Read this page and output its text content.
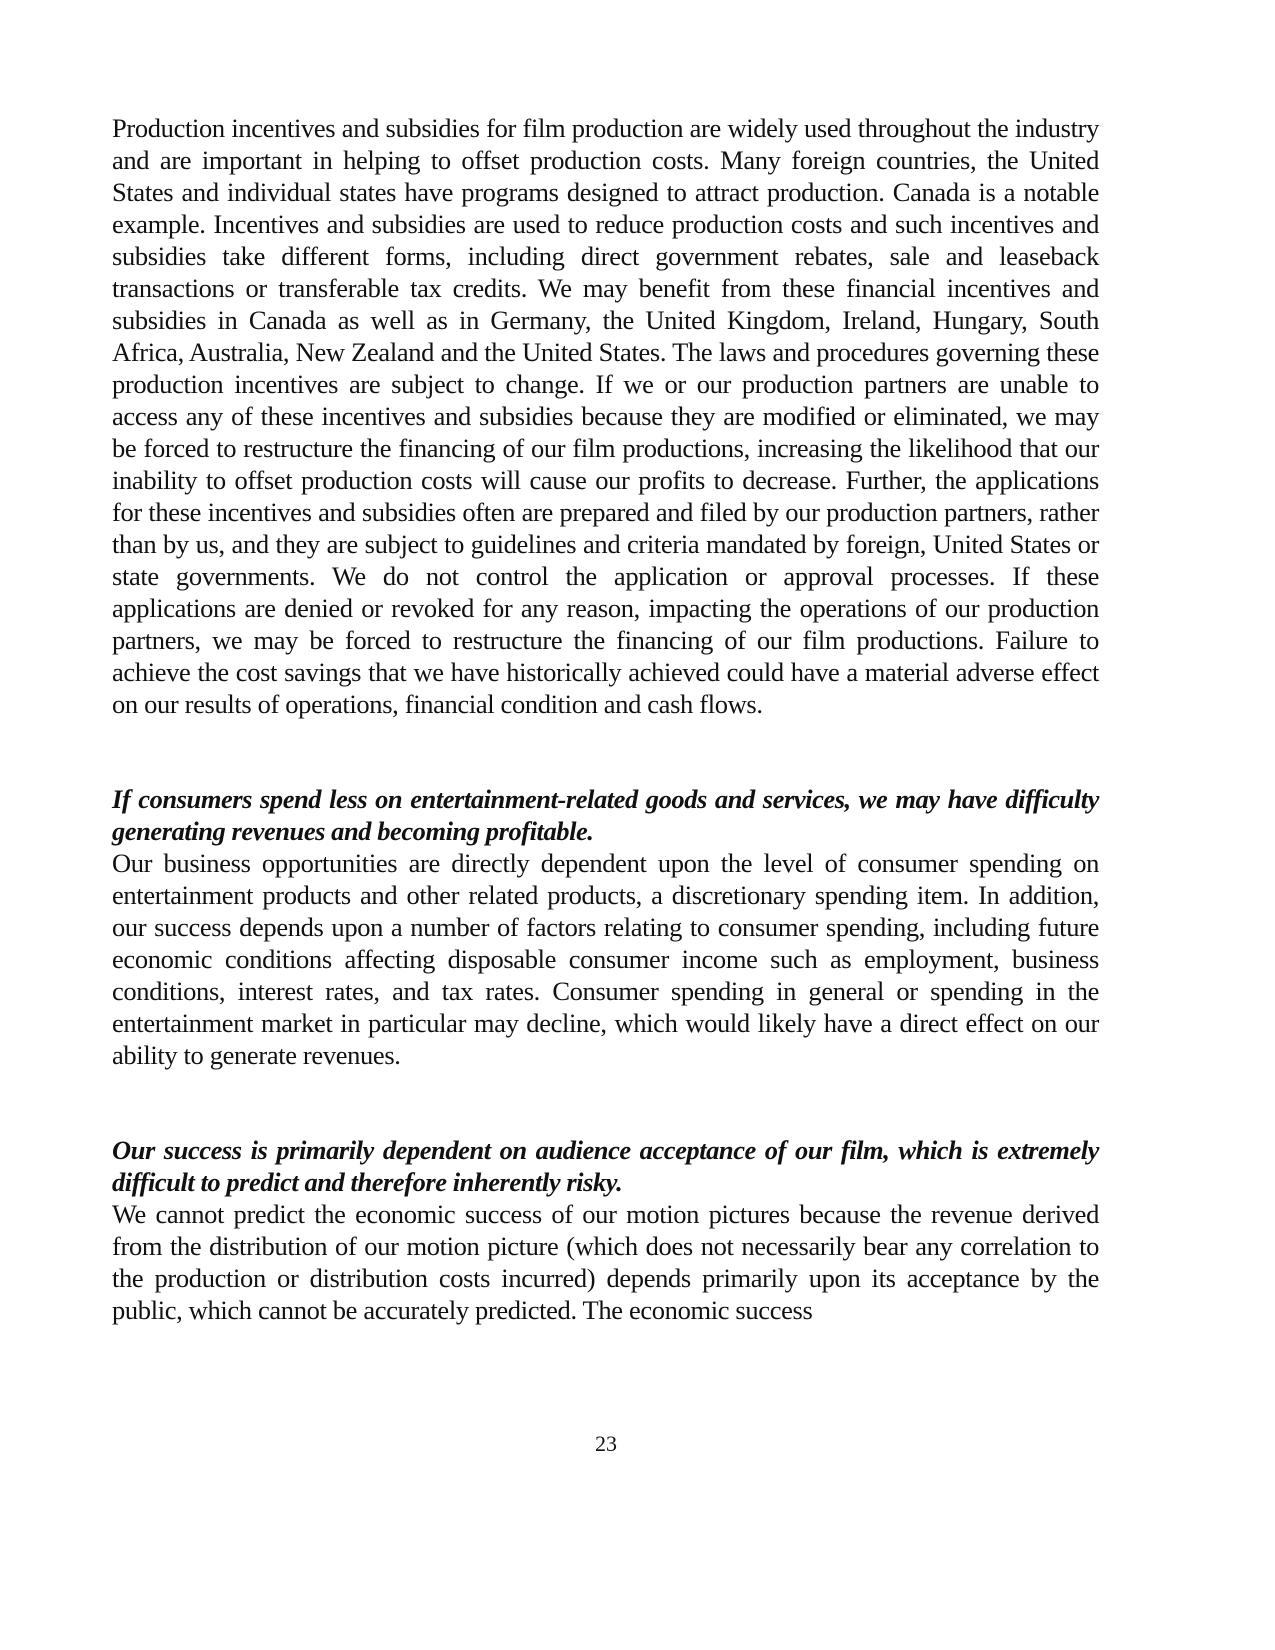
Production incentives and subsidies for film production are widely used throughout the industry and are important in helping to offset production costs. Many foreign countries, the United States and individual states have programs designed to attract production. Canada is a notable example. Incentives and subsidies are used to reduce production costs and such incentives and subsidies take different forms, including direct government rebates, sale and leaseback transactions or transferable tax credits. We may benefit from these financial incentives and subsidies in Canada as well as in Germany, the United Kingdom, Ireland, Hungary, South Africa, Australia, New Zealand and the United States. The laws and procedures governing these production incentives are subject to change. If we or our production partners are unable to access any of these incentives and subsidies because they are modified or eliminated, we may be forced to restructure the financing of our film productions, increasing the likelihood that our inability to offset production costs will cause our profits to decrease. Further, the applications for these incentives and subsidies often are prepared and filed by our production partners, rather than by us, and they are subject to guidelines and criteria mandated by foreign, United States or state governments. We do not control the application or approval processes. If these applications are denied or revoked for any reason, impacting the operations of our production partners, we may be forced to restructure the financing of our film productions. Failure to achieve the cost savings that we have historically achieved could have a material adverse effect on our results of operations, financial condition and cash flows.

If consumers spend less on entertainment-related goods and services, we may have difficulty generating revenues and becoming profitable.

Our business opportunities are directly dependent upon the level of consumer spending on entertainment products and other related products, a discretionary spending item. In addition, our success depends upon a number of factors relating to consumer spending, including future economic conditions affecting disposable consumer income such as employment, business conditions, interest rates, and tax rates. Consumer spending in general or spending in the entertainment market in particular may decline, which would likely have a direct effect on our ability to generate revenues.

Our success is primarily dependent on audience acceptance of our film, which is extremely difficult to predict and therefore inherently risky.

We cannot predict the economic success of our motion pictures because the revenue derived from the distribution of our motion picture (which does not necessarily bear any correlation to the production or distribution costs incurred) depends primarily upon its acceptance by the public, which cannot be accurately predicted. The economic success

23
